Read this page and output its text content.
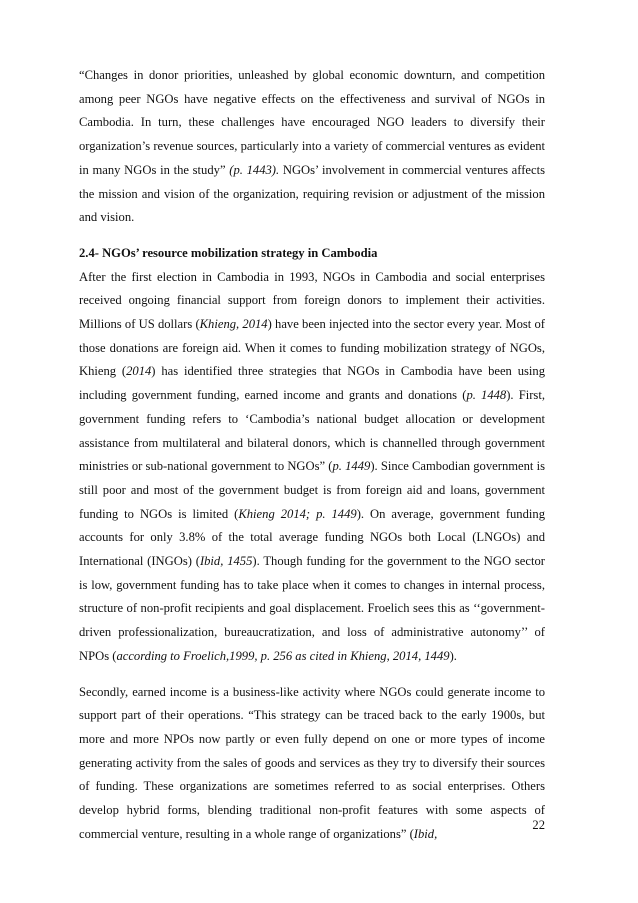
“Changes in donor priorities, unleashed by global economic downturn, and competition among peer NGOs have negative effects on the effectiveness and survival of NGOs in Cambodia. In turn, these challenges have encouraged NGO leaders to diversify their organization’s revenue sources, particularly into a variety of commercial ventures as evident in many NGOs in the study” (p. 1443). NGOs’ involvement in commercial ventures affects the mission and vision of the organization, requiring revision or adjustment of the mission and vision.

2.4- NGOs’ resource mobilization strategy in Cambodia

After the first election in Cambodia in 1993, NGOs in Cambodia and social enterprises received ongoing financial support from foreign donors to implement their activities. Millions of US dollars (Khieng, 2014) have been injected into the sector every year. Most of those donations are foreign aid. When it comes to funding mobilization strategy of NGOs, Khieng (2014) has identified three strategies that NGOs in Cambodia have been using including government funding, earned income and grants and donations (p. 1448). First, government funding refers to ‘Cambodia’s national budget allocation or development assistance from multilateral and bilateral donors, which is channelled through government ministries or sub-national government to NGOs” (p. 1449). Since Cambodian government is still poor and most of the government budget is from foreign aid and loans, government funding to NGOs is limited (Khieng 2014; p. 1449). On average, government funding accounts for only 3.8% of the total average funding NGOs both Local (LNGOs) and International (INGOs) (Ibid, 1455). Though funding for the government to the NGO sector is low, government funding has to take place when it comes to changes in internal process, structure of non-profit recipients and goal displacement. Froelich sees this as ‘‘government-driven professionalization, bureaucratization, and loss of administrative autonomy’’ of NPOs (according to Froelich,1999, p. 256 as cited in Khieng, 2014, 1449).

Secondly, earned income is a business-like activity where NGOs could generate income to support part of their operations. “This strategy can be traced back to the early 1900s, but more and more NPOs now partly or even fully depend on one or more types of income generating activity from the sales of goods and services as they try to diversify their sources of funding. These organizations are sometimes referred to as social enterprises. Others develop hybrid forms, blending traditional non-profit features with some aspects of commercial venture, resulting in a whole range of organizations” (Ibid,

22
